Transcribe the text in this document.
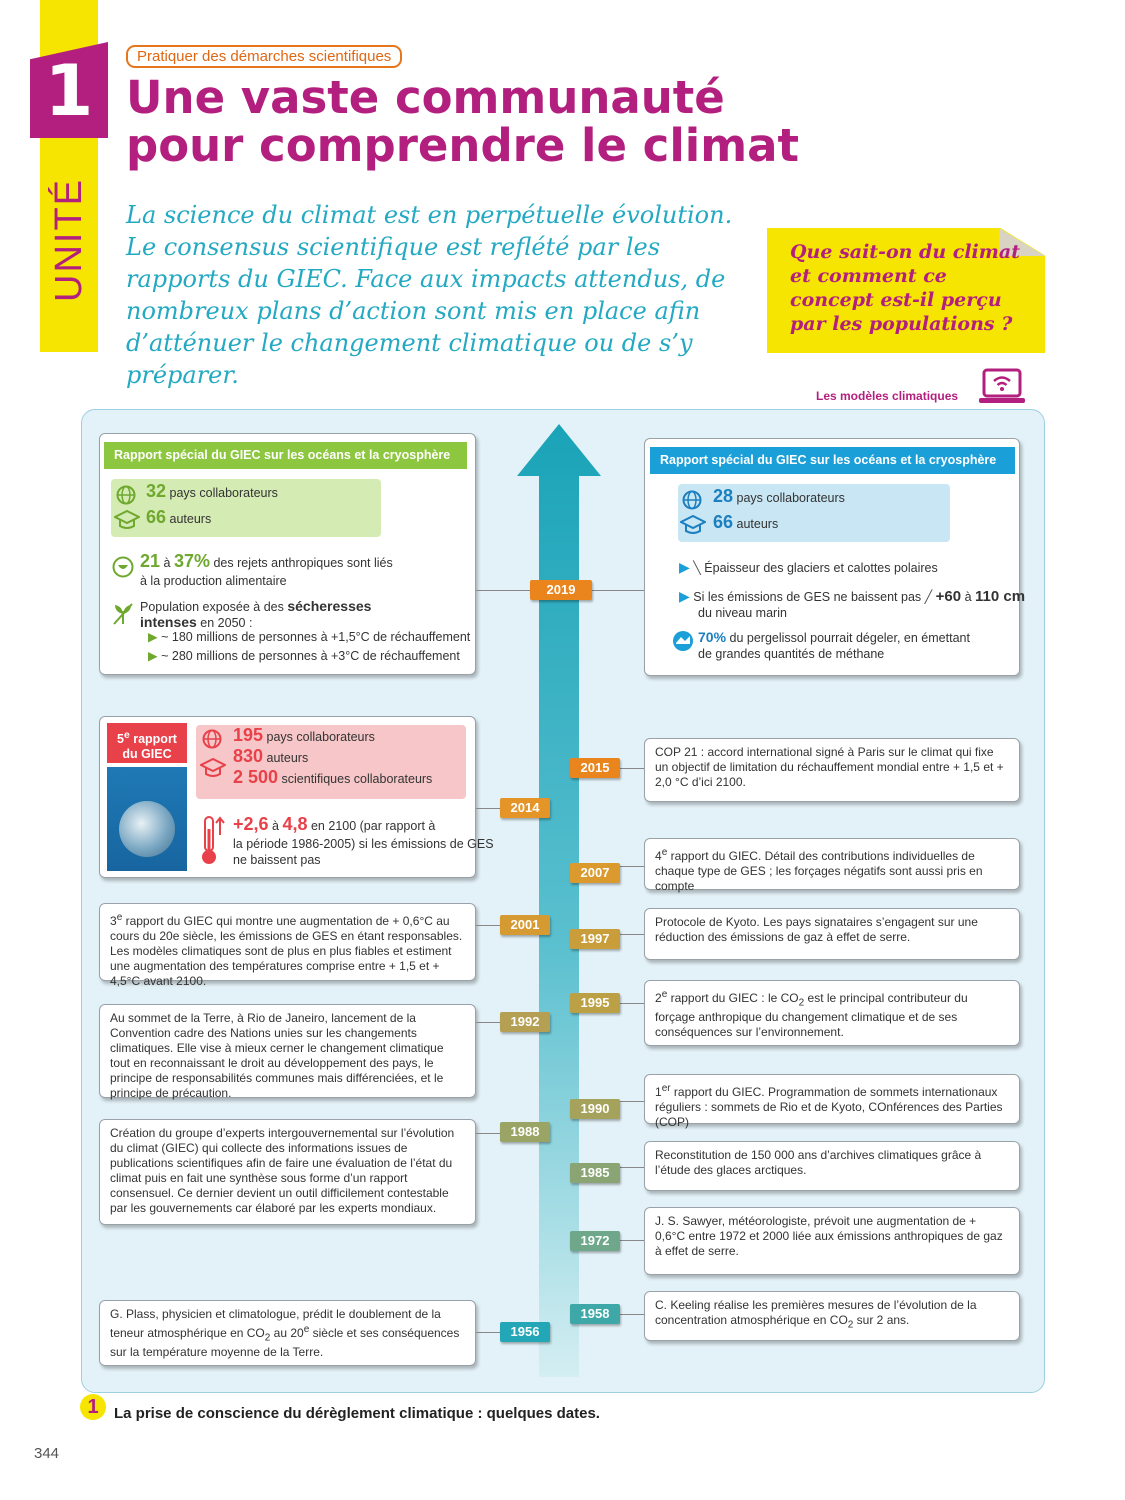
1
UNITÉ
Pratiquer des démarches scientifiques
Une vaste communauté
pour comprendre le climat
La science du climat est en perpétuelle évolution. Le consensus scientifique est reflété par les rapports du GIEC. Face aux impacts attendus, de nombreux plans d’action sont mis en place afin d’atténuer le changement climatique ou de s’y préparer.
Que sait-on du climat et comment ce concept est-il perçu par les populations ?
Les modèles climatiques
Rapport spécial du GIEC sur les océans et la cryosphère
32 pays collaborateurs
66 auteurs
21 à 37% des rejets anthropiques sont liés
à la production alimentaire
Population exposée à des sécheresses
intenses en 2050 :
▶ ~ 180 millions de personnes à +1,5°C de réchauffement
▶ ~ 280 millions de personnes à +3°C de réchauffement
Rapport spécial du GIEC sur les océans et la cryosphère
28 pays collaborateurs
66 auteurs
▶ ╲ Épaisseur des glaciers et calottes polaires
▶ Si les émissions de GES ne baissent pas ╱ +60 à 110 cm
du niveau marin
70% du pergelissol pourrait dégeler, en émettant
de grandes quantités de méthane
5e rapport
du GIEC
195 pays collaborateurs
830 auteurs
2 500 scientifiques collaborateurs
+2,6 à 4,8 en 2100 (par rapport à
la période 1986-2005) si les émissions de GES
ne baissent pas
COP 21 : accord international signé à Paris sur le climat qui fixe un objectif de limitation du réchauffement mondial entre + 1,5 et + 2,0 °C d’ici 2100.
4e rapport du GIEC. Détail des contributions individuelles de chaque type de GES ; les forçages négatifs sont aussi pris en compte
Protocole de Kyoto. Les pays signataires s’engagent sur une réduction des émissions de gaz à effet de serre.
2e rapport du GIEC : le $CO_2$ est le principal contributeur du forçage anthropique du changement climatique et de ses conséquences sur l’environnement.
1er rapport du GIEC. Programmation de sommets internationaux réguliers : sommets de Rio et de Kyoto, COnférences des Parties (COP)
Reconstitution de 150 000 ans d’archives climatiques grâce à l’étude des glaces arctiques.
J. S. Sawyer, météorologiste, prévoit une augmentation de + 0,6°C entre 1972 et 2000 liée aux émissions anthropiques de gaz à effet de serre.
C. Keeling réalise les premières mesures de l’évolution de la concentration atmosphérique en $CO_2$ sur 2 ans.
3e rapport du GIEC qui montre une augmentation de + 0,6°C au cours du 20e siècle, les émissions de GES en étant responsables. Les modèles climatiques sont de plus en plus fiables et estiment une augmentation des températures comprise entre + 1,5 et + 4,5°C avant 2100.
Au sommet de la Terre, à Rio de Janeiro, lancement de la Convention cadre des Nations unies sur les changements climatiques. Elle vise à mieux cerner le changement climatique tout en reconnaissant le droit au développement des pays, le principe de responsabilités communes mais différenciées, et le principe de précaution.
Création du groupe d’experts intergouvernemental sur l’évolution du climat (GIEC) qui collecte des informations issues de publications scientifiques afin de faire une évaluation de l’état du climat puis en fait une synthèse sous forme d’un rapport consensuel. Ce dernier devient un outil difficilement contestable par les gouvernements car élaboré par les experts mondiaux.
G. Plass, physicien et climatologue, prédit le doublement de la teneur atmosphérique en $CO_2$ au 20e siècle et ses conséquences sur la température moyenne de la Terre.
2019
2015
2014
2007
2001
1997
1995
1992
1990
1988
1985
1972
1958
1956
1	La prise de conscience du dérèglement climatique : quelques dates.
344
